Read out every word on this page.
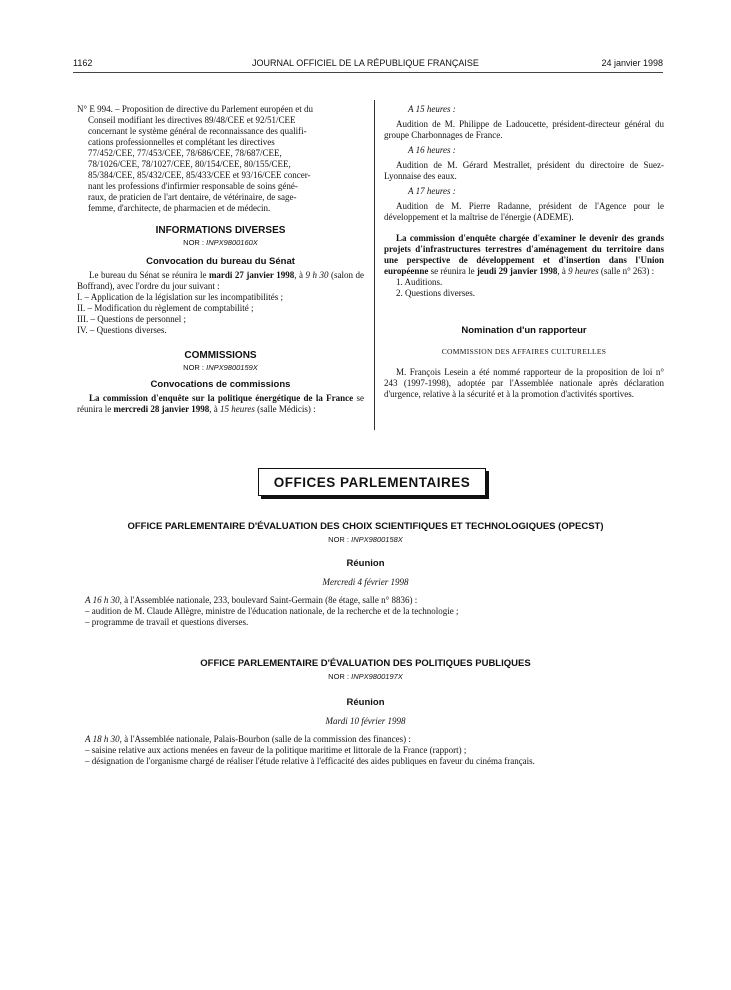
1162	JOURNAL OFFICIEL DE LA RÉPUBLIQUE FRANÇAISE	24 janvier 1998
N° E 994. – Proposition de directive du Parlement européen et du
Conseil modifiant les directives 89/48/CEE et 92/51/CEE
concernant le système général de reconnaissance des qualifi-
cations professionnelles et complétant les directives
77/452/CEE, 77/453/CEE, 78/686/CEE, 78/687/CEE,
78/1026/CEE, 78/1027/CEE, 80/154/CEE, 80/155/CEE,
85/384/CEE, 85/432/CEE, 85/433/CEE et 93/16/CEE concer-
nant les professions d'infirmier responsable de soins géné-
raux, de praticien de l'art dentaire, de vétérinaire, de sage-
femme, d'architecte, de pharmacien et de médecin.
INFORMATIONS DIVERSES
NOR : INPX9800160X
Convocation du bureau du Sénat

Le bureau du Sénat se réunira le mardi 27 janvier 1998, à 9 h 30 (salon de Boffrand), avec l'ordre du jour suivant :

I. – Application de la législation sur les incompatibilités ;
II. – Modification du règlement de comptabilité ;
III. – Questions de personnel ;
IV. – Questions diverses.
COMMISSIONS
NOR : INPX9800159X
Convocations de commissions

La commission d'enquête sur la politique énergétique de la France se réunira le mercredi 28 janvier 1998, à 15 heures (salle Médicis) :

A 15 heures :

Audition de M. Philippe de Ladoucette, président-directeur général du groupe Charbonnages de France.

A 16 heures :

Audition de M. Gérard Mestrallet, président du directoire de Suez-Lyonnaise des eaux.

A 17 heures :

Audition de M. Pierre Radanne, président de l'Agence pour le développement et la maîtrise de l'énergie (ADEME).

La commission d'enquête chargée d'examiner le devenir des grands projets d'infrastructures terrestres d'aménagement du territoire dans une perspective de développement et d'insertion dans l'Union européenne se réunira le jeudi 29 janvier 1998, à 9 heures (salle n° 263) :

1. Auditions.
2. Questions diverses.
Nomination d'un rapporteur
COMMISSION DES AFFAIRES CULTURELLES

M. François Lesein a été nommé rapporteur de la proposition de loi n° 243 (1997-1998), adoptée par l'Assemblée nationale après déclaration d'urgence, relative à la sécurité et à la promotion d'activités sportives.

OFFICES PARLEMENTAIRES
OFFICE PARLEMENTAIRE D'ÉVALUATION DES CHOIX SCIENTIFIQUES ET TECHNOLOGIQUES (OPECST)
NOR : INPX9800158X
Réunion
Mercredi 4 février 1998
A 16 h 30, à l'Assemblée nationale, 233, boulevard Saint-Germain (8e étage, salle n° 8836) :
– audition de M. Claude Allègre, ministre de l'éducation nationale, de la recherche et de la technologie ;
– programme de travail et questions diverses.
OFFICE PARLEMENTAIRE D'ÉVALUATION DES POLITIQUES PUBLIQUES
NOR : INPX9800197X
Réunion
Mardi 10 février 1998
A 18 h 30, à l'Assemblée nationale, Palais-Bourbon (salle de la commission des finances) :
– saisine relative aux actions menées en faveur de la politique maritime et littorale de la France (rapport) ;
– désignation de l'organisme chargé de réaliser l'étude relative à l'efficacité des aides publiques en faveur du cinéma français.
